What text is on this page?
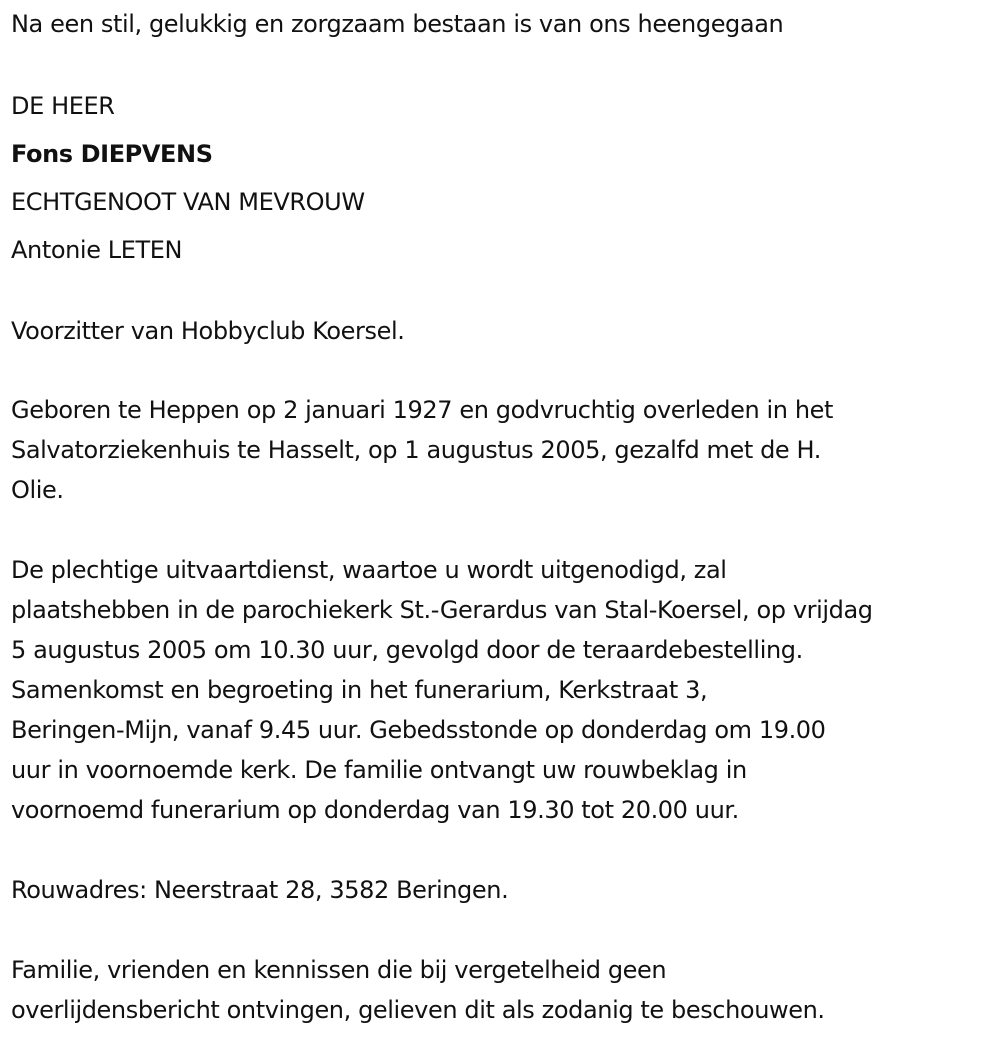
Na een stil, gelukkig en zorgzaam bestaan is van ons heengegaan
DE HEER
Fons DIEPVENS
ECHTGENOOT VAN MEVROUW
Antonie LETEN
Voorzitter van Hobbyclub Koersel.
Geboren te Heppen op 2 januari 1927 en godvruchtig overleden in het
Salvatorziekenhuis te Hasselt, op 1 augustus 2005, gezalfd met de H.
Olie.
De plechtige uitvaartdienst, waartoe u wordt uitgenodigd, zal
plaatshebben in de parochiekerk St.-Gerardus van Stal-Koersel, op vrijdag
5 augustus 2005 om 10.30 uur, gevolgd door de teraardebestelling.
Samenkomst en begroeting in het funerarium, Kerkstraat 3,
Beringen-Mijn, vanaf 9.45 uur. Gebedsstonde op donderdag om 19.00
uur in voornoemde kerk. De familie ontvangt uw rouwbeklag in
voornoemd funerarium op donderdag van 19.30 tot 20.00 uur.
Rouwadres: Neerstraat 28, 3582 Beringen.
Familie, vrienden en kennissen die bij vergetelheid geen
overlijdensbericht ontvingen, gelieven dit als zodanig te beschouwen.
